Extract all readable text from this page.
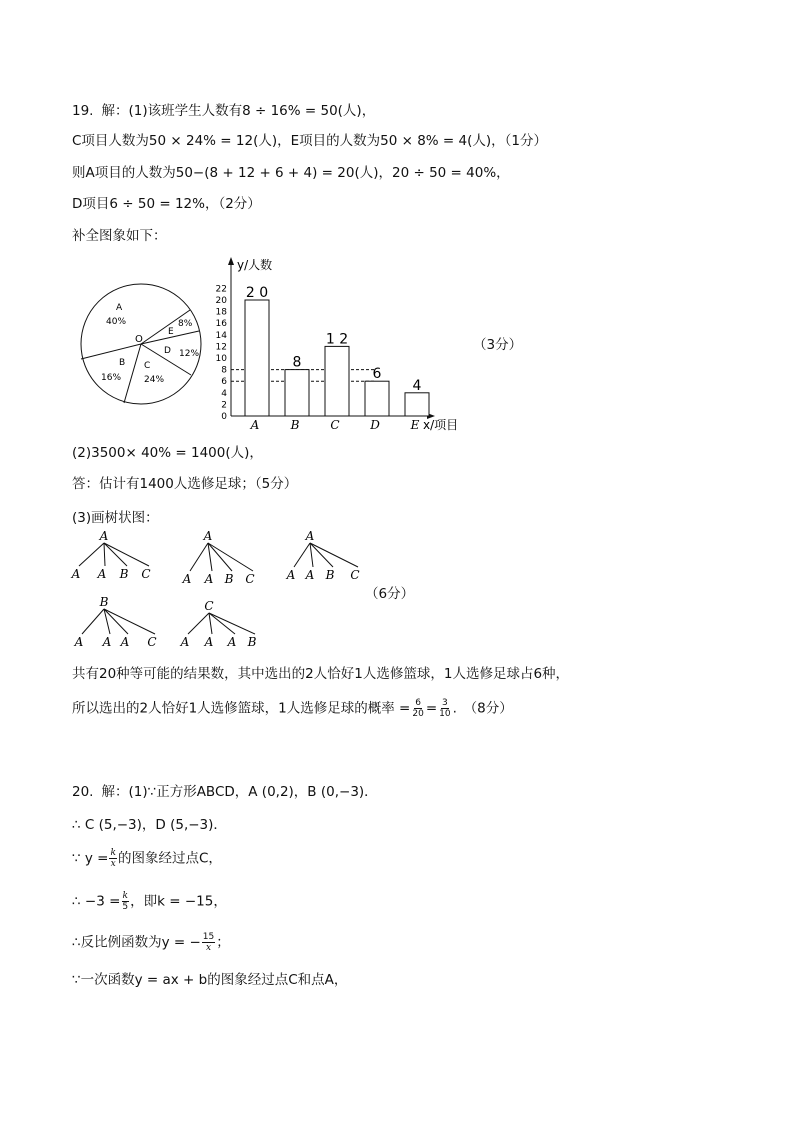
19. 解：(1)该班学生人数有8 ÷ 16% = 50(人)，
C项目人数为50 × 24% = 12(人)，E项目的人数为50 × 8% = 4(人)，（1分）
则A项目的人数为50−(8 + 12 + 6 + 4) = 20(人)，20 ÷ 50 = 40%，
D项目6 ÷ 50 = 12%，（2分）
补全图象如下：
O
A
40%
E
8%
D 12%
C
24%
B
16%
y/人数
x/项目
0
2
4
6
8
10
12
14
16
18
20
22 2 0
A
8
B
1 2
C
6
D
4
E
（3分）
(2)3500× 40% = 1400(人)，
答：估计有1400人选修足球；（5分）
(3)画树状图：
A
A A B C
A
A A B C
A
A A B C
B
A A A C
C
A A A B
（6分）
共有20种等可能的结果数，其中选出的2人恰好1人选修篮球，1人选修足球占6种，
所以选出的2人恰好1人选修篮球，1人选修足球的概率 = $\frac{6}{20} = \frac{3}{10}$ .　（8分）
20. 解：(1)∵正方形ABCD，A (0,2)，B (0,−3)．
∴ C (5,−3)，D (5,−3)．
∵ $y = \frac{k}{x}$ 的图象经过点C，
∴ $-3 = \frac{k}{5}$ ，即k = −15，
∴反比例函数为y = − $\frac{15}{x}$ ；
∵一次函数y = ax + b的图象经过点C和点A，
